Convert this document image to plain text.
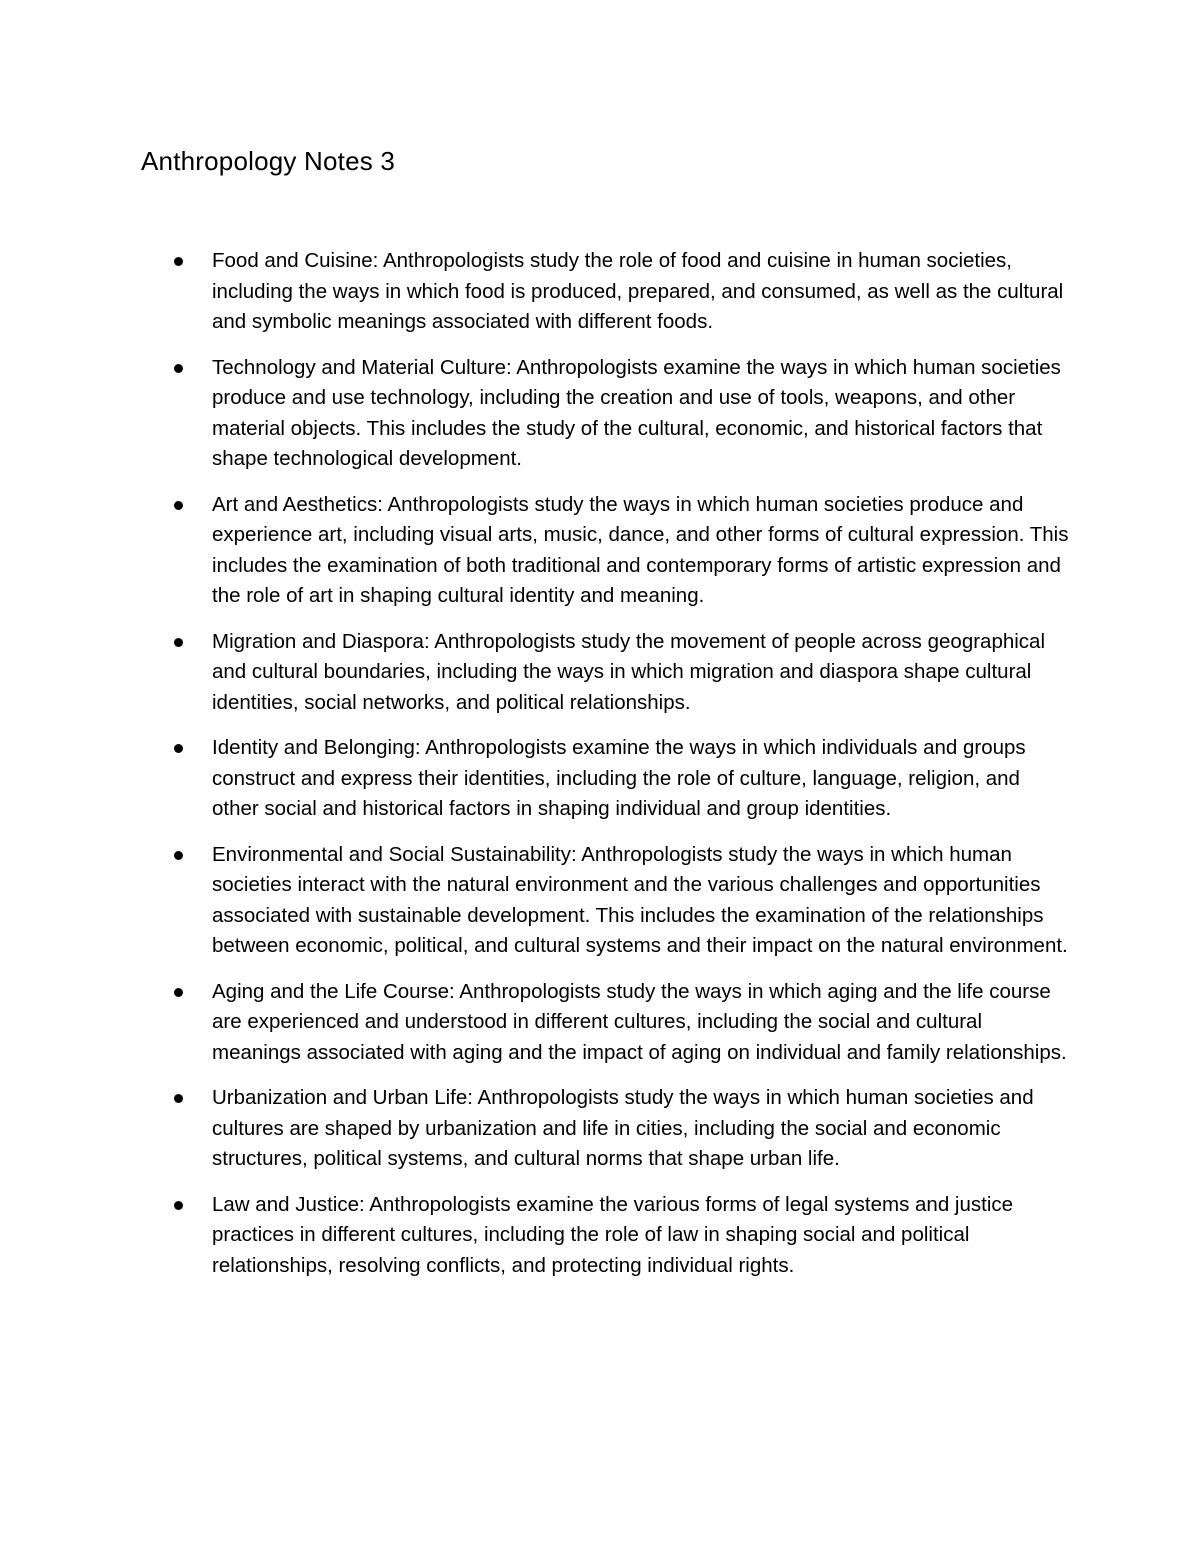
Anthropology Notes 3
Food and Cuisine: Anthropologists study the role of food and cuisine in human societies, including the ways in which food is produced, prepared, and consumed, as well as the cultural and symbolic meanings associated with different foods.
Technology and Material Culture: Anthropologists examine the ways in which human societies produce and use technology, including the creation and use of tools, weapons, and other material objects. This includes the study of the cultural, economic, and historical factors that shape technological development.
Art and Aesthetics: Anthropologists study the ways in which human societies produce and experience art, including visual arts, music, dance, and other forms of cultural expression. This includes the examination of both traditional and contemporary forms of artistic expression and the role of art in shaping cultural identity and meaning.
Migration and Diaspora: Anthropologists study the movement of people across geographical and cultural boundaries, including the ways in which migration and diaspora shape cultural identities, social networks, and political relationships.
Identity and Belonging: Anthropologists examine the ways in which individuals and groups construct and express their identities, including the role of culture, language, religion, and other social and historical factors in shaping individual and group identities.
Environmental and Social Sustainability: Anthropologists study the ways in which human societies interact with the natural environment and the various challenges and opportunities associated with sustainable development. This includes the examination of the relationships between economic, political, and cultural systems and their impact on the natural environment.
Aging and the Life Course: Anthropologists study the ways in which aging and the life course are experienced and understood in different cultures, including the social and cultural meanings associated with aging and the impact of aging on individual and family relationships.
Urbanization and Urban Life: Anthropologists study the ways in which human societies and cultures are shaped by urbanization and life in cities, including the social and economic structures, political systems, and cultural norms that shape urban life.
Law and Justice: Anthropologists examine the various forms of legal systems and justice practices in different cultures, including the role of law in shaping social and political relationships, resolving conflicts, and protecting individual rights.
